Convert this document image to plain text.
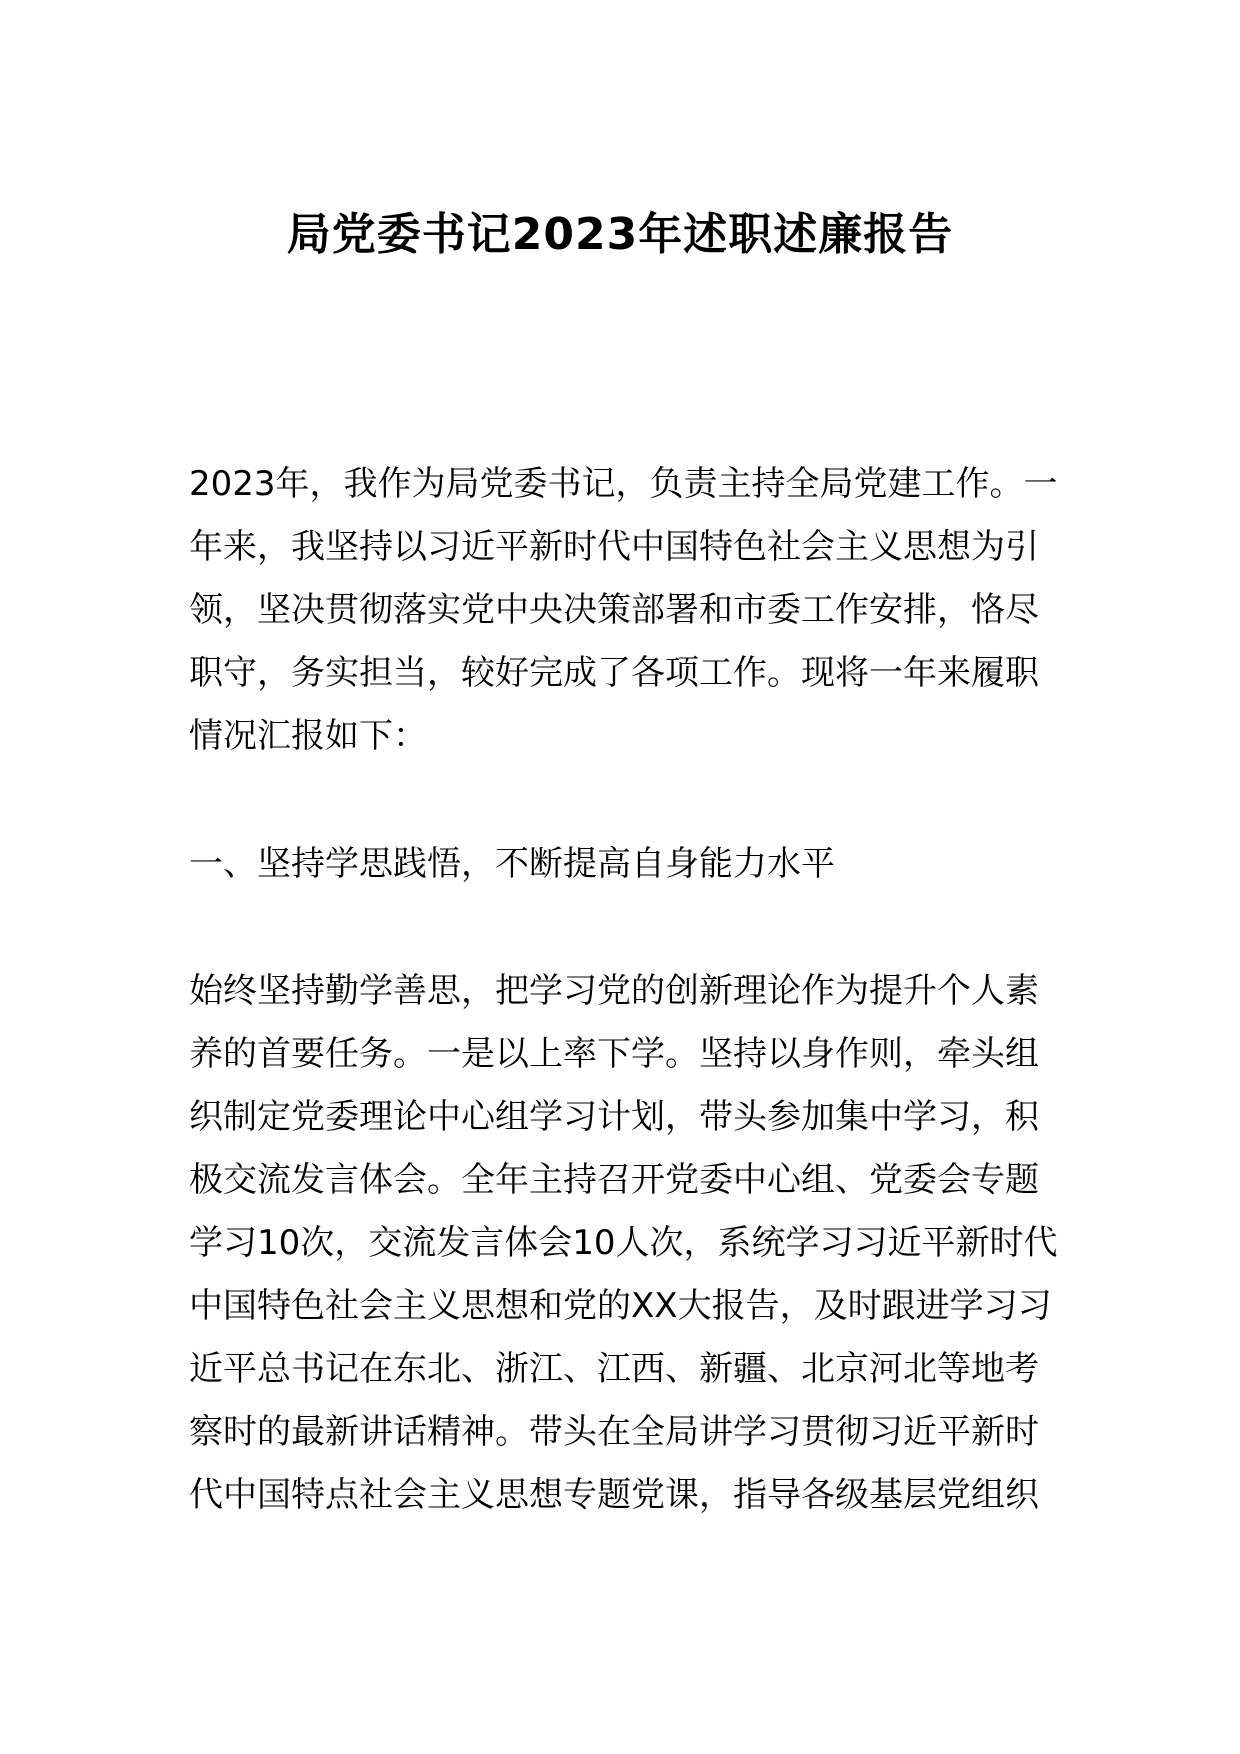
局党委书记2023年述职述廉报告

2023年，我作为局党委书记，负责主持全局党建工作。一

年来，我坚持以习近平新时代中国特色社会主义思想为引

领，坚决贯彻落实党中央决策部署和市委工作安排，恪尽

职守，务实担当，较好完成了各项工作。现将一年来履职

情况汇报如下：

一、坚持学思践悟，不断提高自身能力水平

始终坚持勤学善思，把学习党的创新理论作为提升个人素

养的首要任务。一是以上率下学。坚持以身作则，牵头组

织制定党委理论中心组学习计划，带头参加集中学习，积

极交流发言体会。全年主持召开党委中心组、党委会专题

学习10次，交流发言体会10人次，系统学习习近平新时代

中国特色社会主义思想和党的XX大报告，及时跟进学习习

近平总书记在东北、浙江、江西、新疆、北京河北等地考

察时的最新讲话精神。带头在全局讲学习贯彻习近平新时

代中国特点社会主义思想专题党课，指导各级基层党组织
